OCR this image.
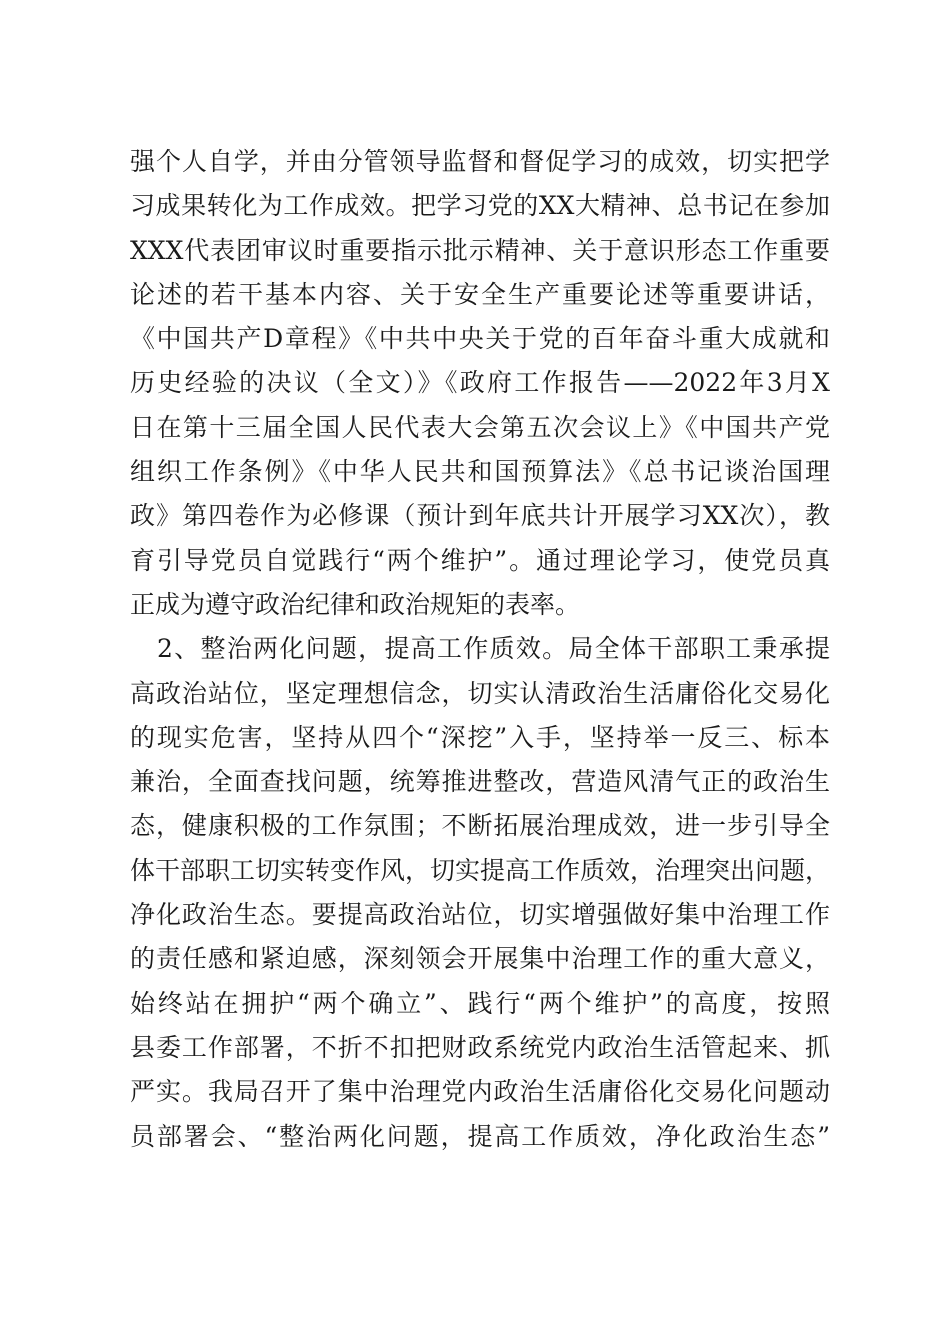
强个人自学，并由分管领导监督和督促学习的成效，切实把学
习成果转化为工作成效。把学习党的XX大精神、总书记在参加
XXX代表团审议时重要指示批示精神、关于意识形态工作重要
论述的若干基本内容、关于安全生产重要论述等重要讲话，
《中国共产D章程》《中共中央关于党的百年奋斗重大成就和
历史经验的决议（全文）》《政府工作报告——2022年3月X
日在第十三届全国人民代表大会第五次会议上》《中国共产党
组织工作条例》《中华人民共和国预算法》《总书记谈治国理
政》第四卷作为必修课（预计到年底共计开展学习XX次），教
育引导党员自觉践行“两个维护”。通过理论学习，使党员真
正成为遵守政治纪律和政治规矩的表率。
2、整治两化问题，提高工作质效。局全体干部职工秉承提
高政治站位，坚定理想信念，切实认清政治生活庸俗化交易化
的现实危害，坚持从四个“深挖”入手，坚持举一反三、标本
兼治，全面查找问题，统筹推进整改，营造风清气正的政治生
态，健康积极的工作氛围；不断拓展治理成效，进一步引导全
体干部职工切实转变作风，切实提高工作质效，治理突出问题，
净化政治生态。要提高政治站位，切实增强做好集中治理工作
的责任感和紧迫感，深刻领会开展集中治理工作的重大意义，
始终站在拥护“两个确立”、践行“两个维护”的高度，按照
县委工作部署，不折不扣把财政系统党内政治生活管起来、抓
严实。我局召开了集中治理党内政治生活庸俗化交易化问题动
员部署会、“整治两化问题，提高工作质效，净化政治生态”
